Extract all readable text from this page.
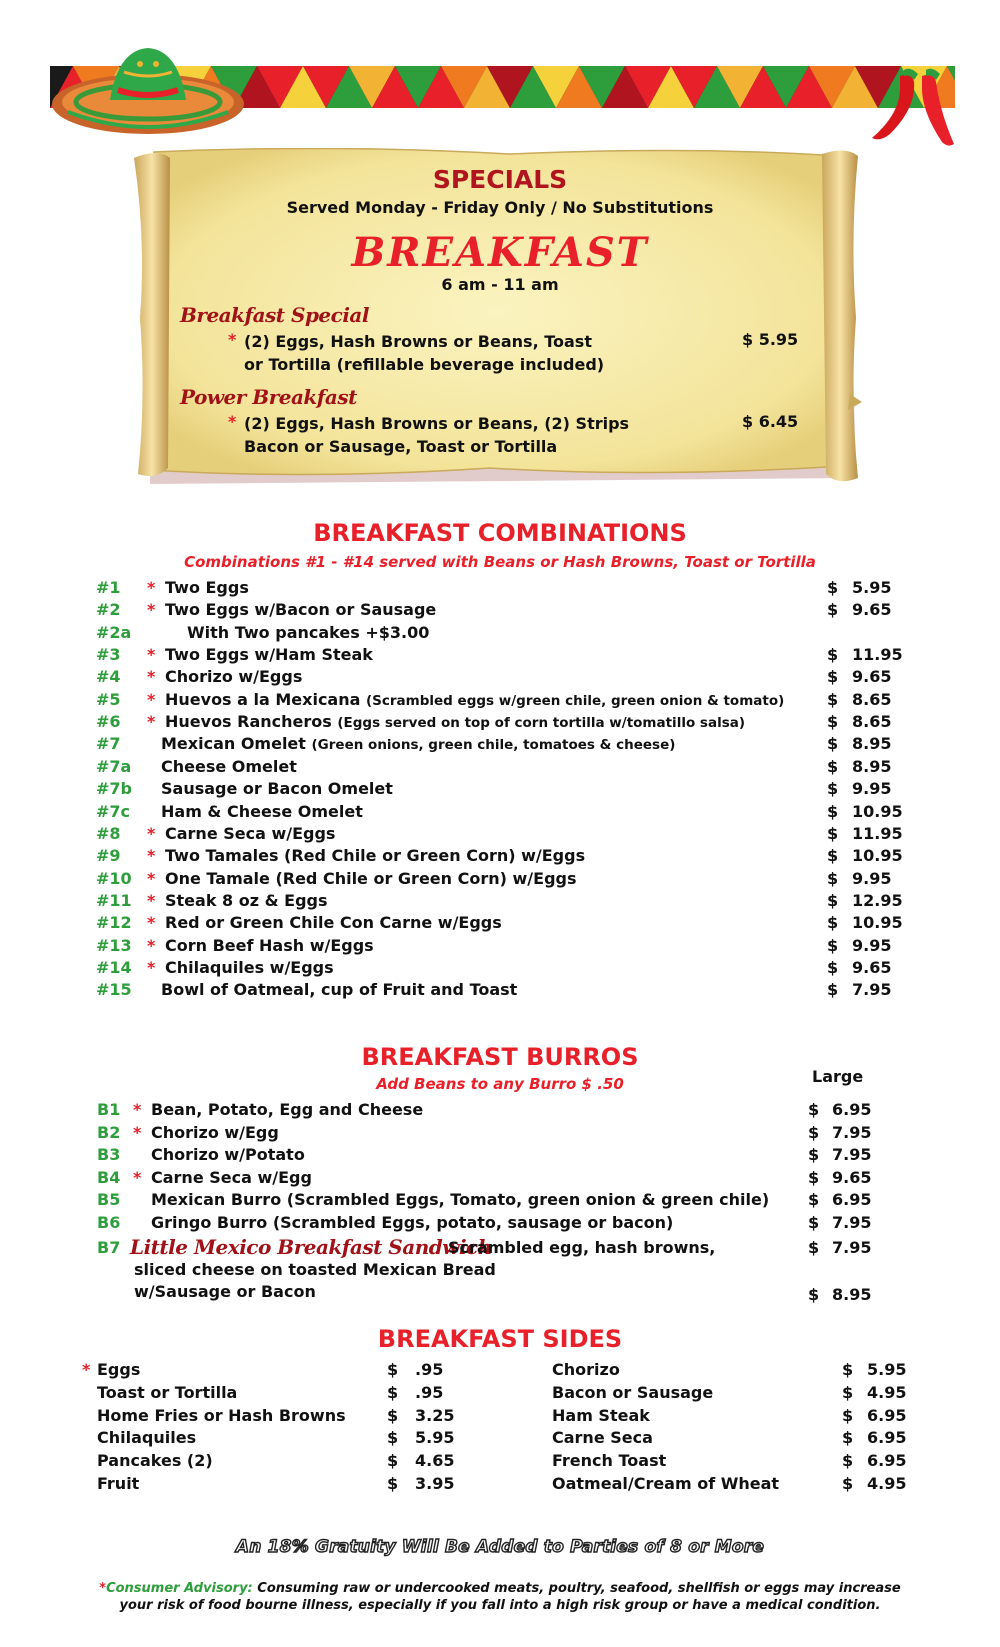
SPECIALS
Served Monday - Friday Only / No Substitutions
BREAKFAST
6 am - 11 am
Breakfast Special
* (2) Eggs, Hash Browns or Beans, Toast
or Tortilla (refillable beverage included)
$ 5.95
Power Breakfast
* (2) Eggs, Hash Browns or Beans, (2) Strips
Bacon or Sausage, Toast or Tortilla
$ 6.45
BREAKFAST COMBINATIONS
Combinations #1 - #14 served with Beans or Hash Browns, Toast or Tortilla
#1 * Two Eggs	$ 5.95
#2 * Two Eggs w/Bacon or Sausage	$ 9.65
#2a	With Two pancakes +$3.00
#3 * Two Eggs w/Ham Steak	$ 11.95
#4 * Chorizo w/Eggs	$ 9.65
#5 * Huevos a la Mexicana (Scrambled eggs w/green chile, green onion & tomato)	$ 8.65
#6 * Huevos Rancheros (Eggs served on top of corn tortilla w/tomatillo salsa)	$ 8.65
#7	Mexican Omelet (Green onions, green chile, tomatoes & cheese)	$ 8.95
#7a Cheese Omelet	$ 8.95
#7b Sausage or Bacon Omelet	$ 9.95
#7c Ham & Cheese Omelet	$ 10.95
#8 * Carne Seca w/Eggs	$ 11.95
#9 * Two Tamales (Red Chile or Green Corn) w/Eggs	$ 10.95
#10 * One Tamale (Red Chile or Green Corn) w/Eggs	$ 9.95
#11 * Steak 8 oz & Eggs	$ 12.95
#12 * Red or Green Chile Con Carne w/Eggs	$ 10.95
#13 * Corn Beef Hash w/Eggs	$ 9.95
#14 * Chilaquiles w/Eggs	$ 9.65
#15 Bowl of Oatmeal, cup of Fruit and Toast	$ 7.95
BREAKFAST BURROS
Add Beans to any Burro $ .50	Large
B1 * Bean, Potato, Egg and Cheese	$ 6.95
B2 * Chorizo w/Egg	$ 7.95
B3 Chorizo w/Potato	$ 7.95
B4 * Carne Seca w/Egg	$ 9.65
B5 Mexican Burro (Scrambled Eggs, Tomato, green onion & green chile) $ 6.95
B6 Gringo Burro (Scrambled Eggs, potato, sausage or bacon)	$ 7.95
B7 Little Mexico Breakfast Sandwich
Scrambled egg, hash browns,	$ 7.95
sliced cheese on toasted Mexican Bread
w/Sausage or Bacon	$ 8.95
BREAKFAST SIDES
* Eggs	$ .95
Toast or Tortilla	$ .95
Home Fries or Hash Browns	$ 3.25
Chilaquiles	$ 5.95
Pancakes (2)	$ 4.65
Fruit	$ 3.95
Chorizo	$ 5.95
Bacon or Sausage	$ 4.95
Ham Steak	$ 6.95
Carne Seca	$ 6.95
French Toast	$ 6.95
Oatmeal/Cream of Wheat	$ 4.95
An 18% Gratuity Will Be Added to Parties of 8 or More
*Consumer Advisory: Consuming raw or undercooked meats, poultry, seafood, shellfish or eggs may increase
your risk of food bourne illness, especially if you fall into a high risk group or have a medical condition.
